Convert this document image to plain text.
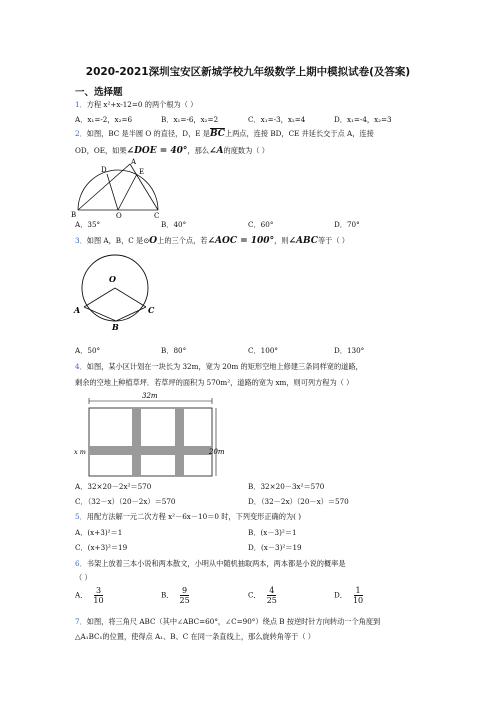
2020-2021深圳宝安区新城学校九年级数学上期中模拟试卷(及答案)
一、选择题
1．方程 x²+x-12=0 的两个根为（ ）
A．x₁=-2，x₂=6	B．x₁=-6，x₂=2	C．x₁=-3，x₂=4	D．x₁=-4，x₂=3
2．如图，BC 是半圆 O 的直径，D，E 是$\overline{BC}$上两点，连接 BD，CE 并延长交于点 A，连接
OD，OE，如果∠DOE = 40°，那么∠A的度数为（ ）
A
D	E
B	O	C
A．35°	B．40°	C．60°	D．70°
3．如图 A，B，C 是⊙O上的三个点，若∠AOC = 100°，则∠ABC等于（ ）
O
A
B
C
A．50°	B．80°	C．100°	D．130°
4．如图，某小区计划在一块长为 32m，宽为 20m 的矩形空地上修建三条同样宽的道路，
剩余的空地上种植草坪．若草坪的面积为 570m²，道路的宽为 xm，则可列方程为（ ）
32m
20m
x m
A．32×20－2x²＝570	B．32×20－3x²＝570
C．（32－x）（20－2x）＝570	D．（32－2x）（20－x）＝570
5．用配方法解一元二次方程 x²－6x－10＝0 时，下列变形正确的为( )
A．(x+3)²＝1	B．(x－3)²＝1
C．(x+3)²＝19	D．(x－3)²＝19
6．书架上放着三本小说和两本散文，小明从中随机抽取两本，两本都是小说的概率是
（ ）
A． $\frac{3}{10}$	B． $\frac{9}{25}$	C． $\frac{4}{25}$	D． $\frac{1}{10}$
7．如图，将三角尺 ABC（其中∠ABC=60°，∠C=90°）绕点 B 按逆时针方向转动一个角度到
△A₁BC₁的位置，使得点 A₁、B、C 在同一条直线上，那么旋转角等于（ ）
